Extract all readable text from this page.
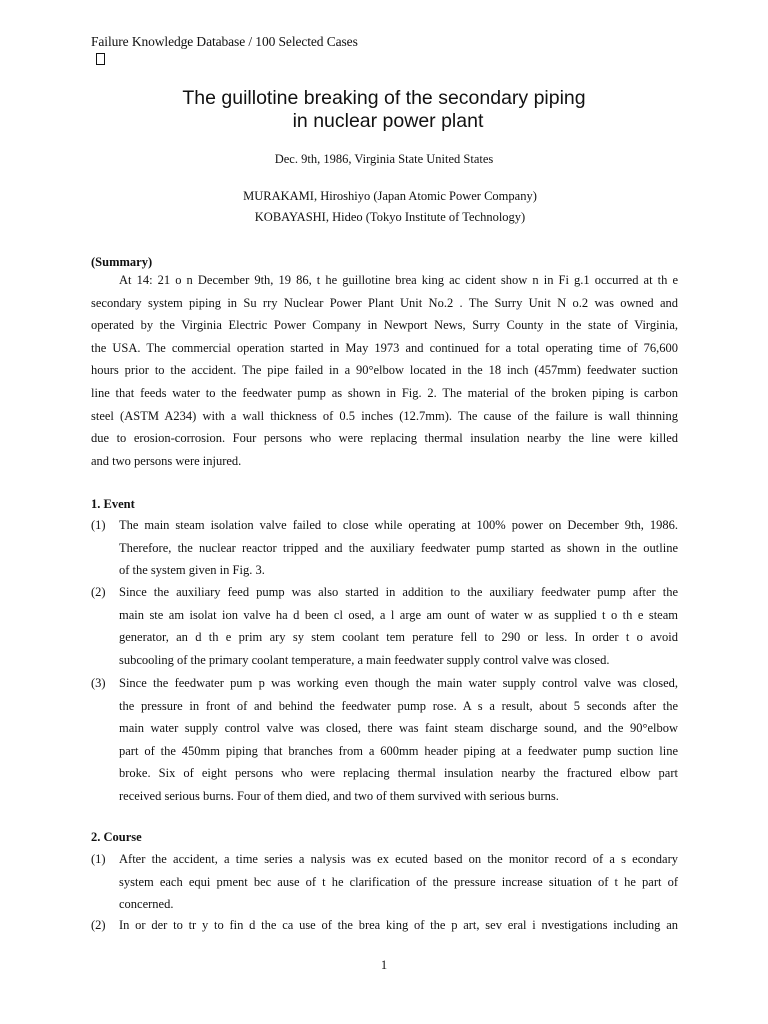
Failure Knowledge Database / 100 Selected Cases
The guillotine breaking of the secondary piping
in nuclear power plant
Dec. 9th, 1986, Virginia State United States
MURAKAMI, Hiroshiyo (Japan Atomic Power Company)
KOBAYASHI, Hideo (Tokyo Institute of Technology)
(Summary)
At 14: 21 o n December 9th, 19 86, t he guillotine brea king ac cident show n in Fi g.1 occurred at th e
secondary system piping in Su rry Nuclear Power Plant Unit No.2 . The Surry Unit N o.2 was owned and
operated by the Virginia Electric Power Company in Newport News, Surry County in the state of Virginia,
the USA. The commercial operation started in May 1973 and continued for a total operating time of 76,600
hours prior to the accident. The pipe failed in a 90°elbow located in the 18 inch (457mm) feedwater suction
line that feeds water to the feedwater pump as shown in Fig. 2. The material of the broken piping is carbon
steel (ASTM A234) with a wall thickness of 0.5 inches (12.7mm). The cause of the failure is wall thinning
due to erosion-corrosion. Four persons who were replacing thermal insulation nearby the line were killed
and two persons were injured.
1. Event
(1) The main steam isolation valve failed to close while operating at 100% power on December 9th, 1986.
Therefore, the nuclear reactor tripped and the auxiliary feedwater pump started as shown in the outline
of the system given in Fig. 3.
(2) Since the auxiliary feed pump was also started in addition to the auxiliary feedwater pump after the
main ste am isolat ion valve ha d been cl osed, a l arge am ount of water w as supplied t o th e steam
generator, an d th e prim ary sy stem coolant tem perature fell to 290 or less. In order t o avoid
subcooling of the primary coolant temperature, a main feedwater supply control valve was closed.
(3) Since the feedwater pum p was working even though the main water supply control valve was closed,
the pressure in front of and behind the feedwater pump rose. A s a result, about 5 seconds after the
main water supply control valve was closed, there was faint steam discharge sound, and the 90°elbow
part of the 450mm piping that branches from a 600mm header piping at a feedwater pump suction line
broke. Six of eight persons who were replacing thermal insulation nearby the fractured elbow part
received serious burns. Four of them died, and two of them survived with serious burns.
2. Course
(1) After the accident, a time series a nalysis was ex ecuted based on the monitor record of a s econdary
system each equi pment bec ause of t he clarification of the pressure increase situation of t he part of
concerned.
(2) In or der to tr y to fin d the ca use of the brea king of the p art, sev eral i nvestigations including an
1
